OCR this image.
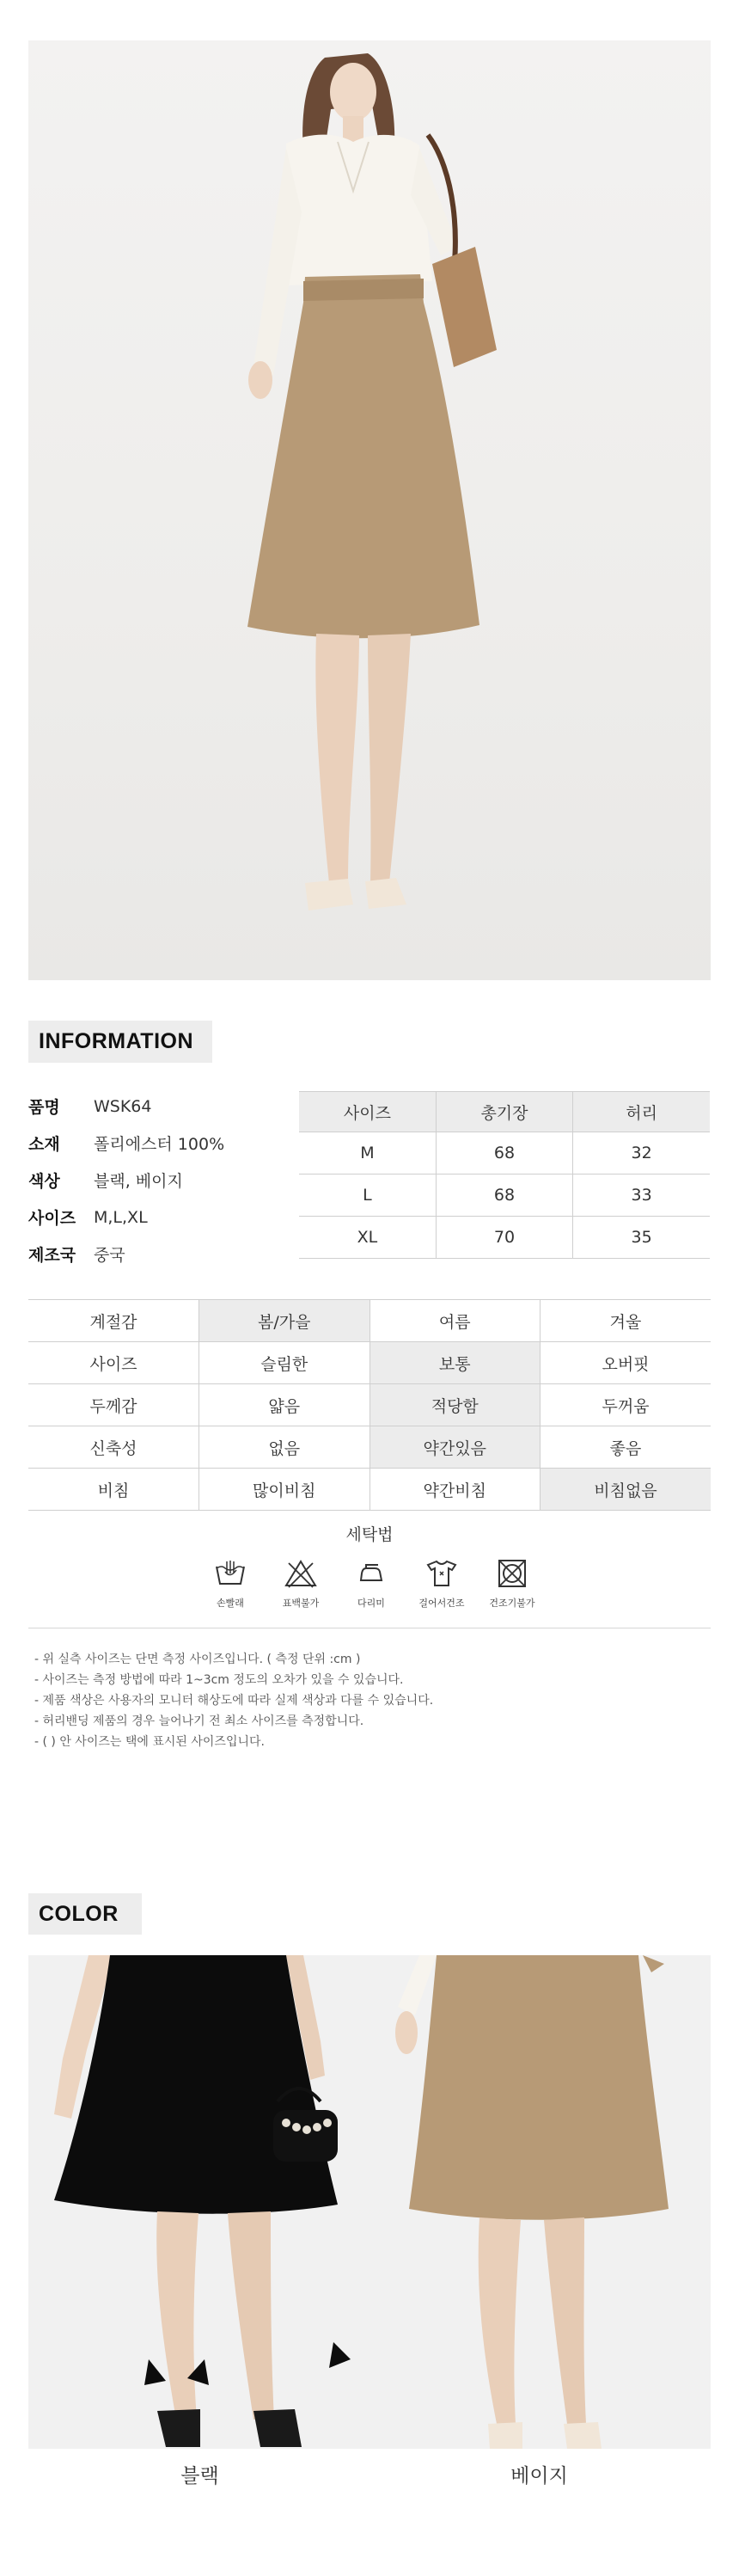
INFORMATION
품명	WSK64
소재	폴리에스터 100%
색상	블랙, 베이지
사이즈	M,L,XL
제조국	중국
사이즈	총기장	허리
M	68	32
L	68	33
XL	70	35
계절감	봄/가을	여름	겨울
사이즈	슬림한	보통	오버핏
두께감	얇음	적당함	두꺼움
신축성	없음	약간있음	좋음
비침	많이비침	약간비침	비침없음
세탁법
손빨래	표백불가	다리미	걸어서건조	건조기불가
- 위 실측 사이즈는 단면 측정 사이즈입니다. ( 측정 단위 :cm )
- 사이즈는 측정 방법에 따라 1~3cm 정도의 오차가 있을 수 있습니다.
- 제품 색상은 사용자의 모니터 해상도에 따라 실제 색상과 다를 수 있습니다.
- 허리밴딩 제품의 경우 늘어나기 전 최소 사이즈를 측정합니다.
- ( ) 안 사이즈는 택에 표시된 사이즈입니다.
COLOR
블랙	베이지
